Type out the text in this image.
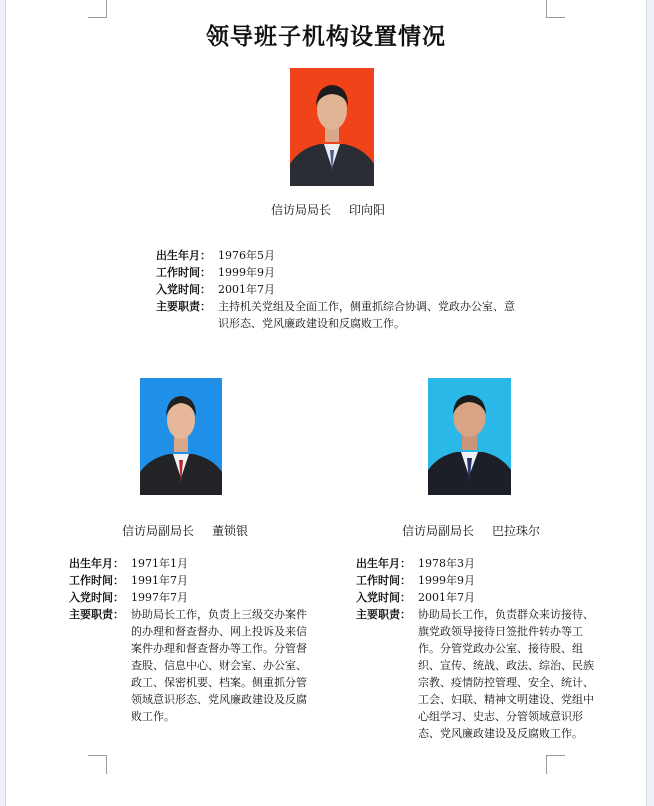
领导班子机构设置情况
信访局局长 印向阳
出生年月： 1976年5月
工作时间： 1999年9月
入党时间： 2001年7月
主要职责： 主持机关党组及全面工作，侧重抓综合协调、党政办公室、意识形态、党风廉政建设和反腐败工作。
信访局副局长 董锁银
出生年月： 1971年1月
工作时间： 1991年7月
入党时间： 1997年7月
主要职责： 协助局长工作，负责上三级交办案件的办理和督查督办、网上投诉及来信案件办理和督查督办等工作。分管督查股、信息中心、财会室、办公室、政工、保密机要、档案。侧重抓分管领域意识形态、党风廉政建设及反腐败工作。
信访局副局长 巴拉珠尔
出生年月： 1978年3月
工作时间： 1999年9月
入党时间： 2001年7月
主要职责： 协助局长工作，负责群众来访接待、旗党政领导接待日签批件转办等工作。分管党政办公室、接待股、组织、宣传、统战、政法、综治、民族宗教、疫情防控管理、安全、统计、工会、妇联、精神文明建设、党组中心组学习、史志、分管领域意识形态、党风廉政建设及反腐败工作。
